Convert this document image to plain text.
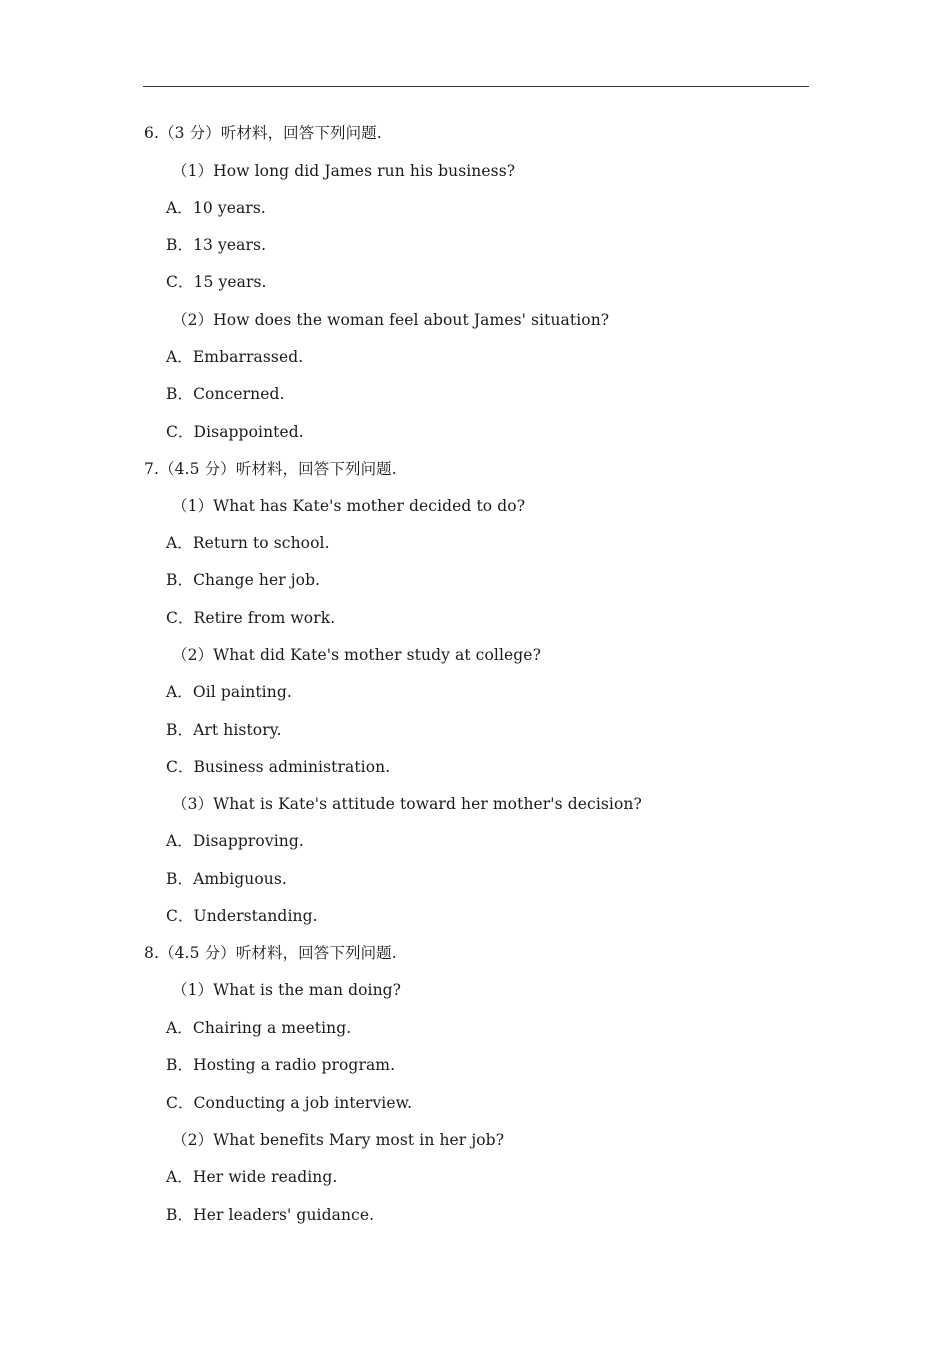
6.（3 分）听材料，回答下列问题.
（1）How long did James run his business?
A．10 years.
B．13 years.
C．15 years.
（2）How does the woman feel about James' situation?
A．Embarrassed.
B．Concerned.
C．Disappointed.
7.（4.5 分）听材料，回答下列问题.
（1）What has Kate's mother decided to do?
A．Return to school.
B．Change her job.
C．Retire from work.
（2）What did Kate's mother study at college?
A．Oil painting.
B．Art history.
C．Business administration.
（3）What is Kate's attitude toward her mother's decision?
A．Disapproving.
B．Ambiguous.
C．Understanding.
8.（4.5 分）听材料，回答下列问题.
（1）What is the man doing?
A．Chairing a meeting.
B．Hosting a radio program.
C．Conducting a job interview.
（2）What benefits Mary most in her job?
A．Her wide reading.
B．Her leaders' guidance.
